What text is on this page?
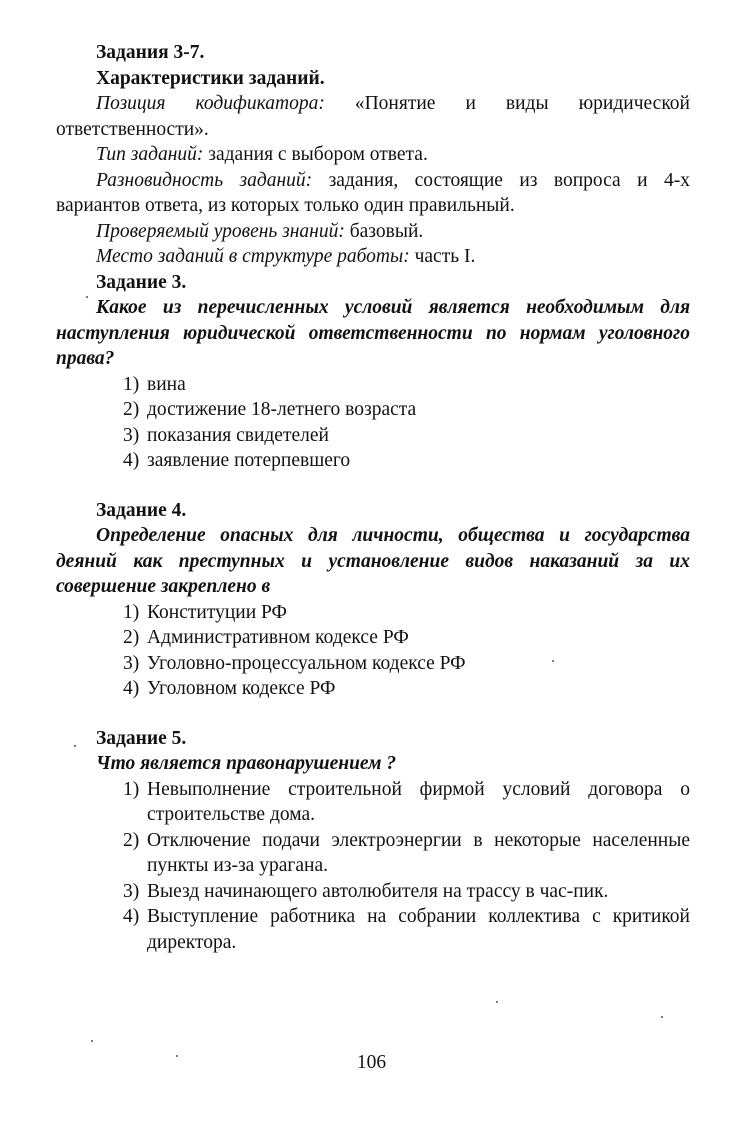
Задания 3-7.
Характеристики заданий.
Позиция кодификатора: «Понятие и виды юридической ответственности».
Тип заданий: задания с выбором ответа.
Разновидность заданий: задания, состоящие из вопроса и 4-х вариантов ответа, из которых только один правильный.
Проверяемый уровень знаний: базовый.
Место заданий в структуре работы: часть I.
Задание 3.
Какое из перечисленных условий является необходимым для наступления юридической ответственности по нормам уголовного права?
1) вина
2) достижение 18-летнего возраста
3) показания свидетелей
4) заявление потерпевшего
Задание 4.
Определение опасных для личности, общества и государства деяний как преступных и установление видов наказаний за их совершение закреплено в
1) Конституции РФ
2) Административном кодексе РФ
3) Уголовно-процессуальном кодексе РФ
4) Уголовном кодексе РФ
Задание 5.
Что является правонарушением ?
1) Невыполнение строительной фирмой условий договора о строительстве дома.
2) Отключение подачи электроэнергии в некоторые населенные пункты из-за урагана.
3) Выезд начинающего автолюбителя на трассу в час-пик.
4) Выступление работника на собрании коллектива с критикой директора.
106
